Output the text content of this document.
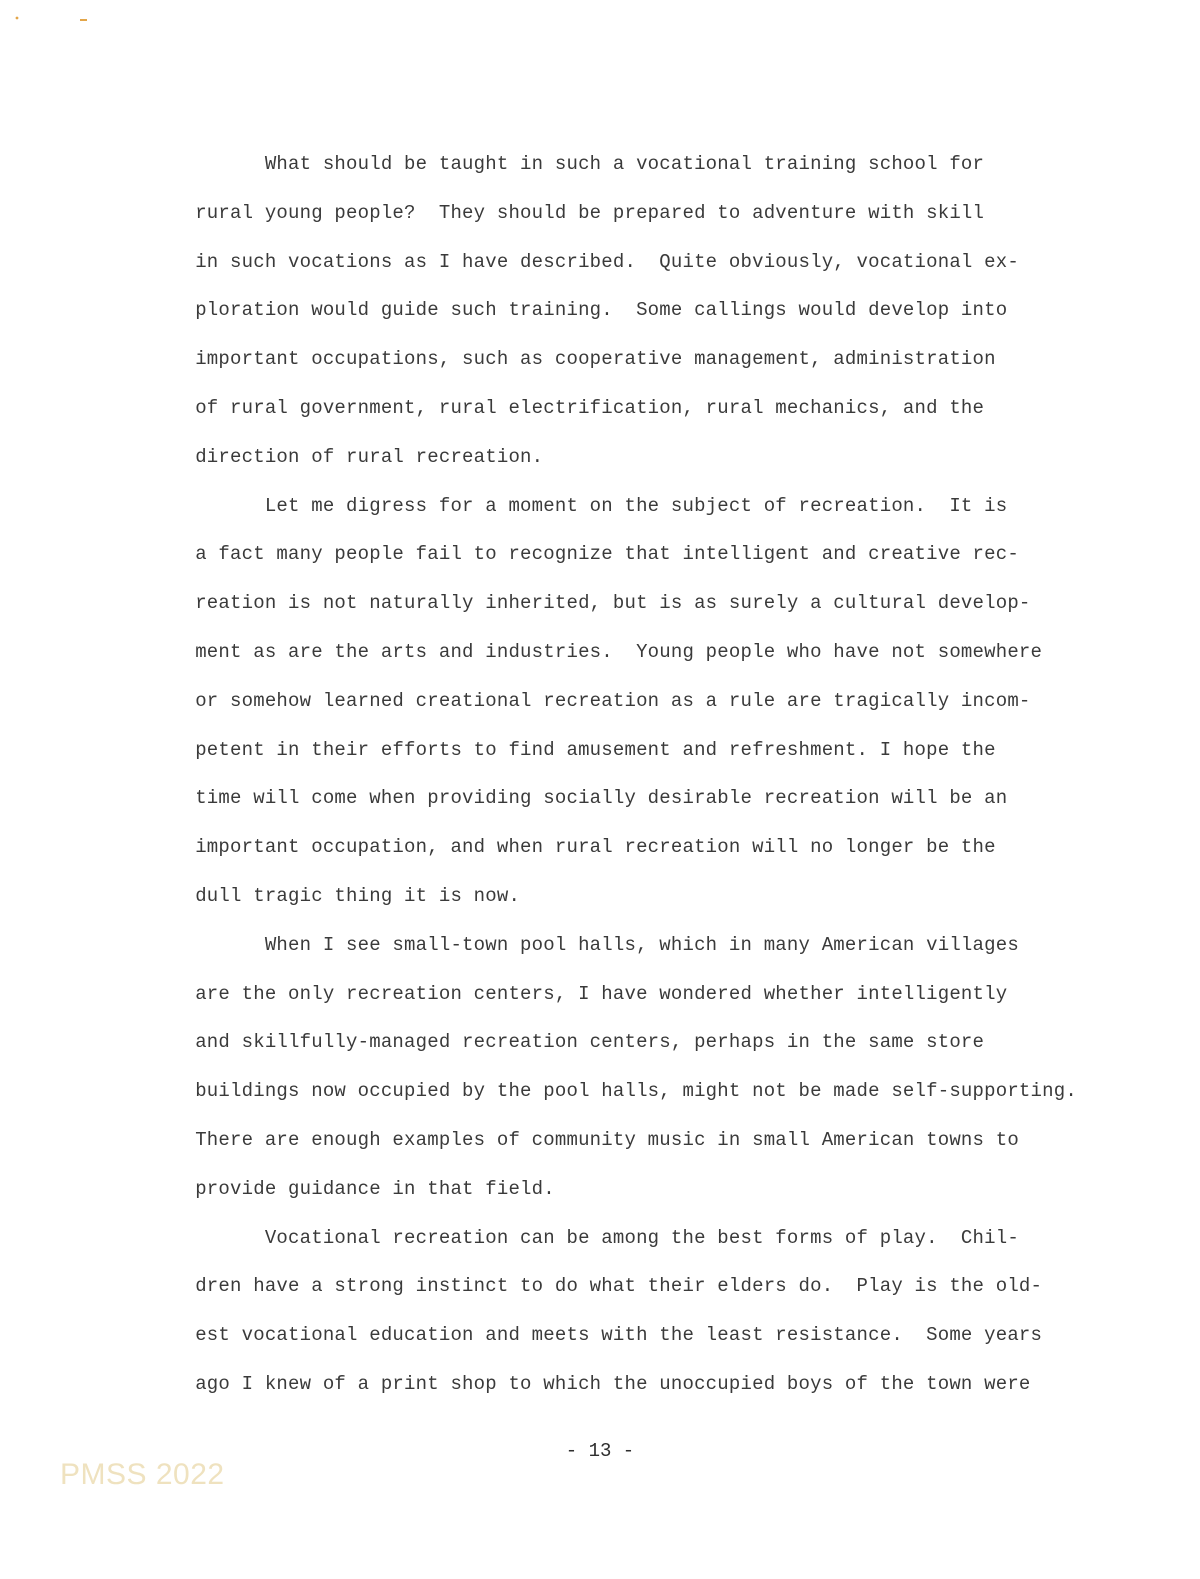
What should be taught in such a vocational training school for
rural young people?  They should be prepared to adventure with skill
in such vocations as I have described.  Quite obviously, vocational ex-
ploration would guide such training.  Some callings would develop into
important occupations, such as cooperative management, administration
of rural government, rural electrification, rural mechanics, and the
direction of rural recreation.
Let me digress for a moment on the subject of recreation.  It is
a fact many people fail to recognize that intelligent and creative rec-
reation is not naturally inherited, but is as surely a cultural develop-
ment as are the arts and industries.  Young people who have not somewhere
or somehow learned creational recreation as a rule are tragically incom-
petent in their efforts to find amusement and refreshment. I hope the
time will come when providing socially desirable recreation will be an
important occupation, and when rural recreation will no longer be the
dull tragic thing it is now.
When I see small-town pool halls, which in many American villages
are the only recreation centers, I have wondered whether intelligently
and skillfully-managed recreation centers, perhaps in the same store
buildings now occupied by the pool halls, might not be made self-supporting.
There are enough examples of community music in small American towns to
provide guidance in that field.
Vocational recreation can be among the best forms of play.  Chil-
dren have a strong instinct to do what their elders do.  Play is the old-
est vocational education and meets with the least resistance.  Some years
ago I knew of a print shop to which the unoccupied boys of the town were
- 13 -
PMSS 2022
